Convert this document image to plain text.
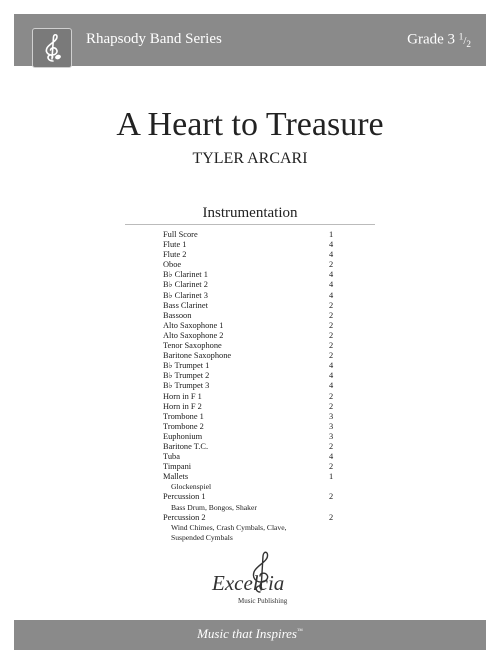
Rhapsody Band Series	Grade 3 $^1/_2$
A Heart to Treasure
TYLER ARCARI
Instrumentation
Full Score	1
Flute 1	4
Flute 2	4
Oboe	2
B♭ Clarinet 1	4
B♭ Clarinet 2	4
B♭ Clarinet 3	4
Bass Clarinet	2
Bassoon	2
Alto Saxophone 1	2
Alto Saxophone 2	2
Tenor Saxophone	2
Baritone Saxophone	2
B♭ Trumpet 1	4
B♭ Trumpet 2	4
B♭ Trumpet 3	4
Horn in F 1	2
Horn in F 2	2
Trombone 1	3
Trombone 2	3
Euphonium	3
Baritone T.C.	2
Tuba	4
Timpani	2
Mallets	1
Glockenspiel
Percussion 1	2
Bass Drum, Bongos, Shaker
Percussion 2	2
Wind Chimes, Crash Cymbals, Clave,
Suspended Cymbals
Excelcia
Music Publishing
Music that Inspires™
